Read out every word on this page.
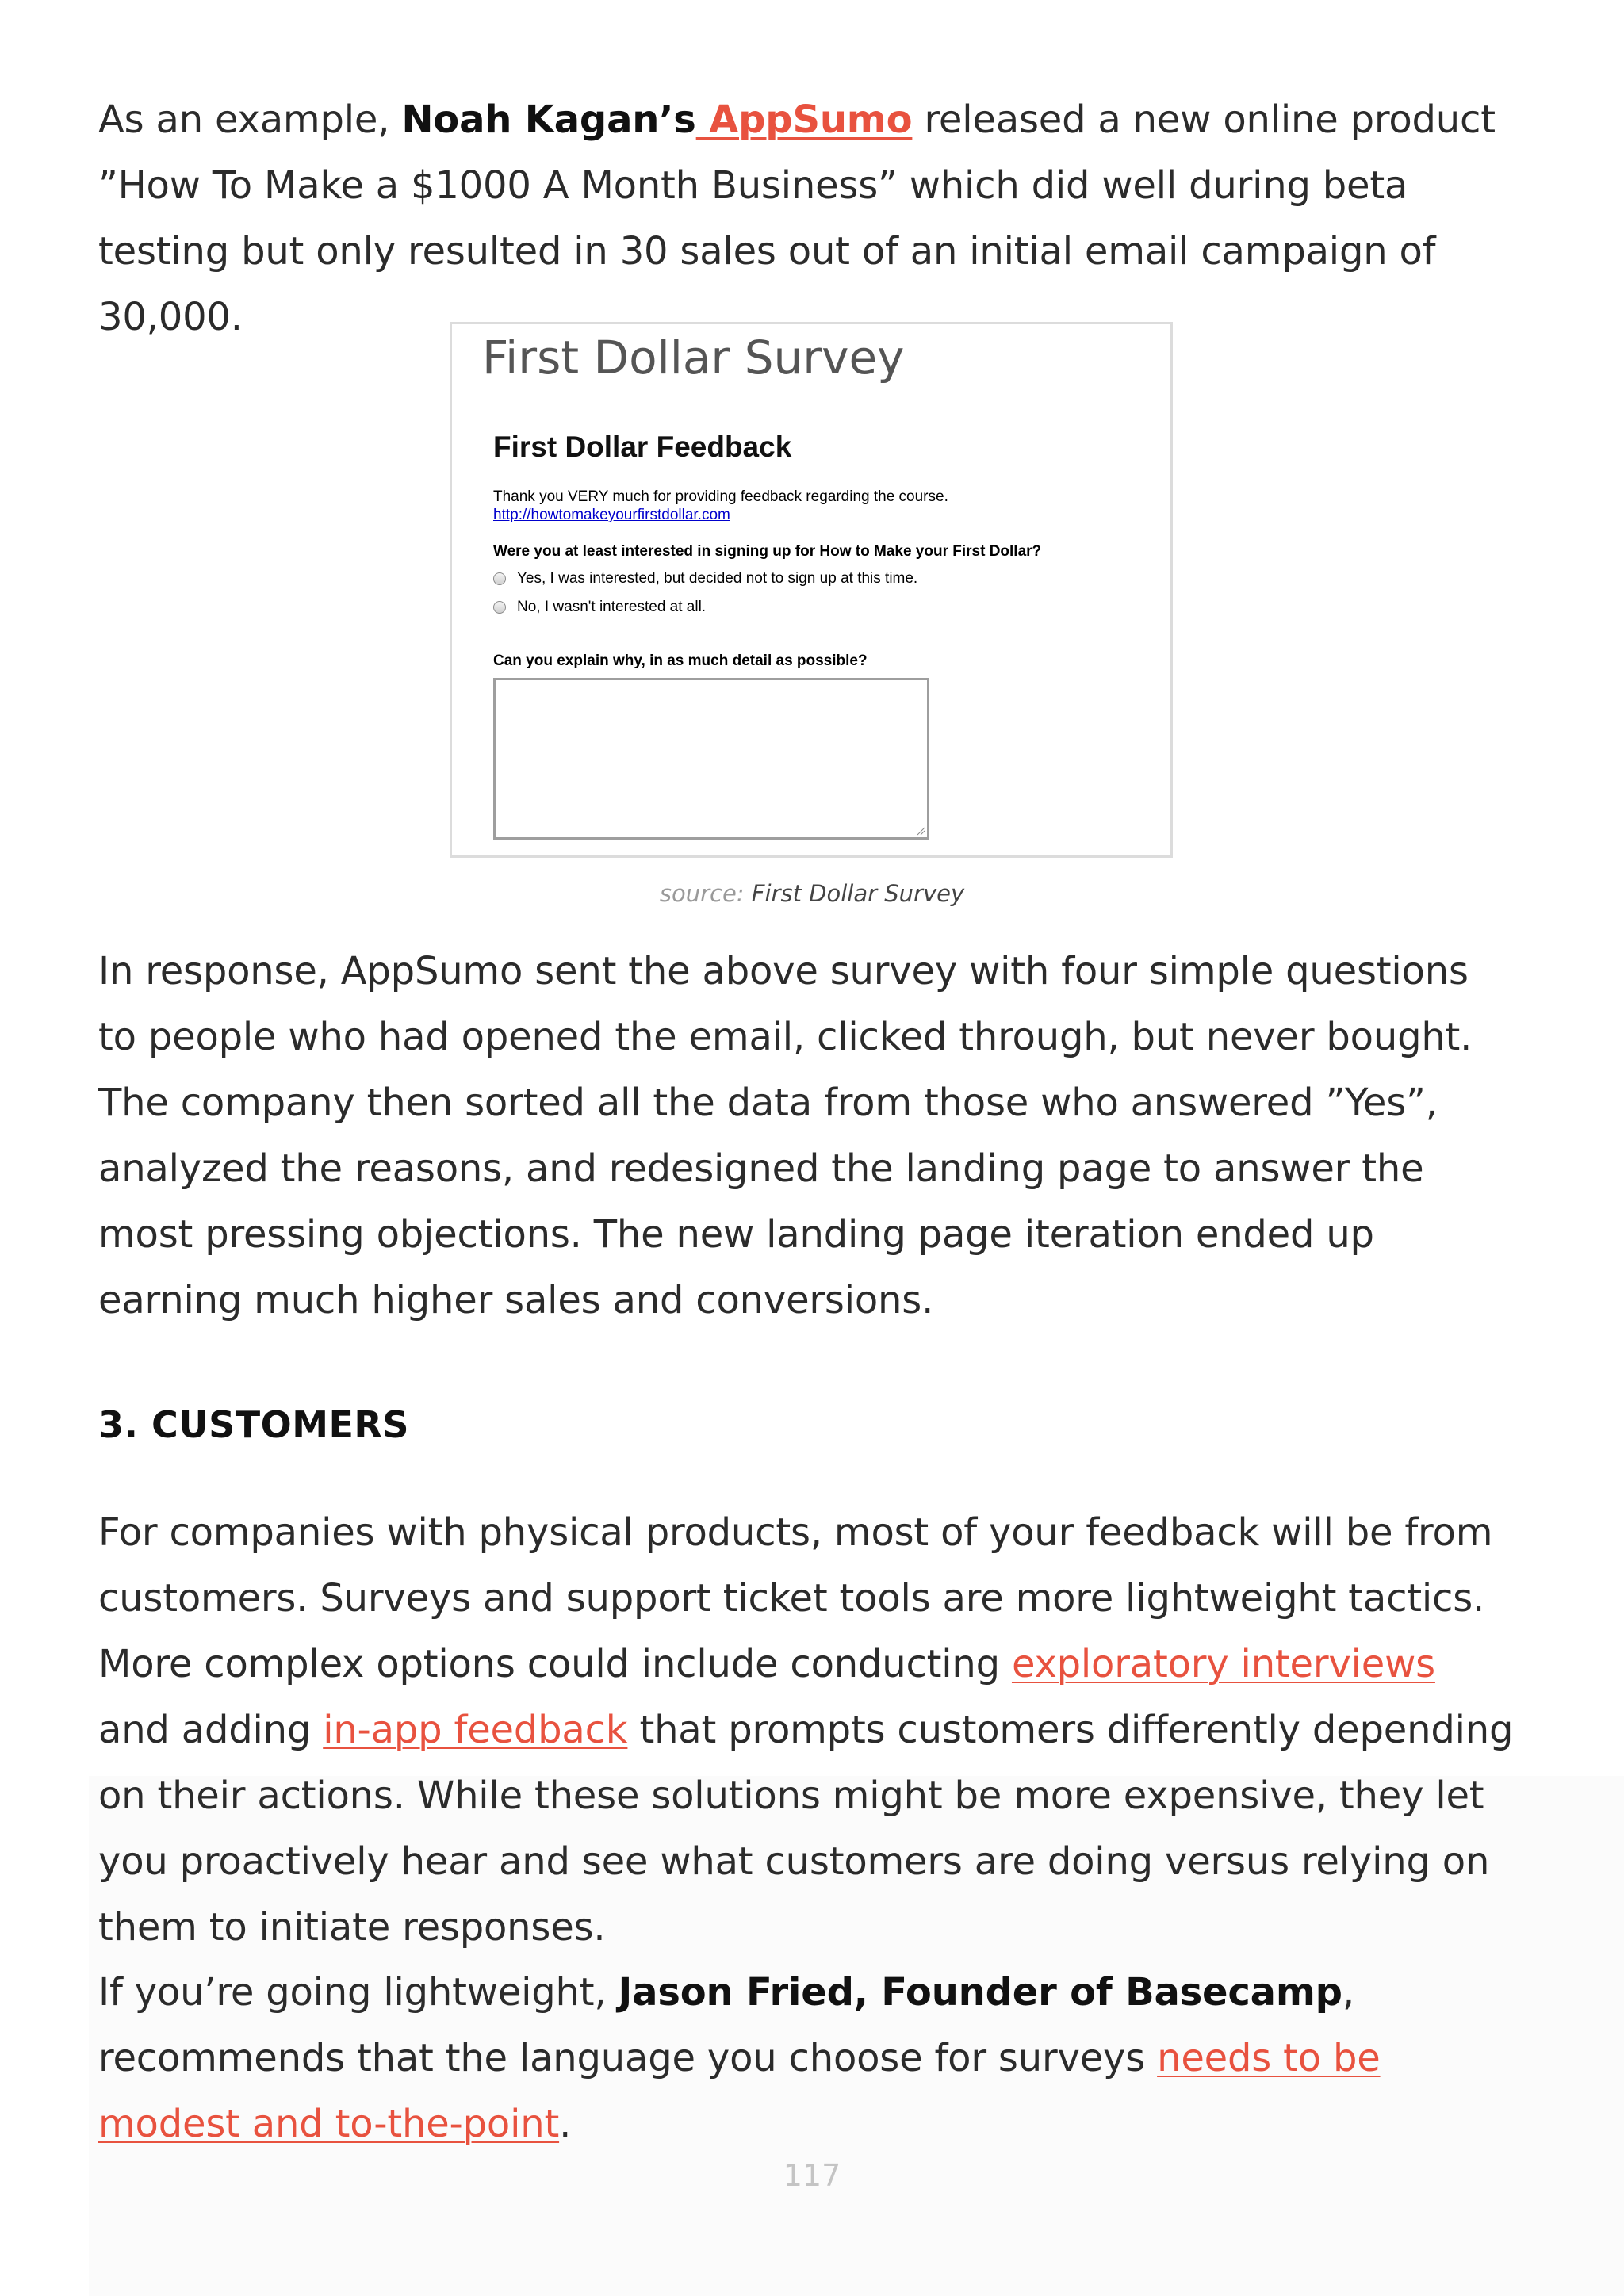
As an example, Noah Kagan’s AppSumo released a new online product ”How To Make a $1000 A Month Business” which did well during beta testing but only resulted in 30 sales out of an initial email campaign of 30,000.

First Dollar Survey
First Dollar Feedback
Thank you VERY much for providing feedback regarding the course.
http://howtomakeyourfirstdollar.com
Were you at least interested in signing up for How to Make your First Dollar?
Yes, I was interested, but decided not to sign up at this time.
No, I wasn't interested at all.
Can you explain why, in as much detail as possible?
source: First Dollar Survey

In response, AppSumo sent the above survey with four simple questions to people who had opened the email, clicked through, but never bought. The company then sorted all the data from those who answered ”Yes”, analyzed the reasons, and redesigned the landing page to answer the most pressing objections. The new landing page iteration ended up earning much higher sales and conversions.

3. CUSTOMERS

For companies with physical products, most of your feedback will be from customers. Surveys and support ticket tools are more lightweight tactics. More complex options could include conducting exploratory interviews and adding in-app feedback that prompts customers differently depending on their actions. While these solutions might be more expensive, they let you proactively hear and see what customers are doing versus relying on them to initiate responses.

If you’re going lightweight, Jason Fried, Founder of Basecamp, recommends that the language you choose for surveys needs to be modest and to-the-point.

117
